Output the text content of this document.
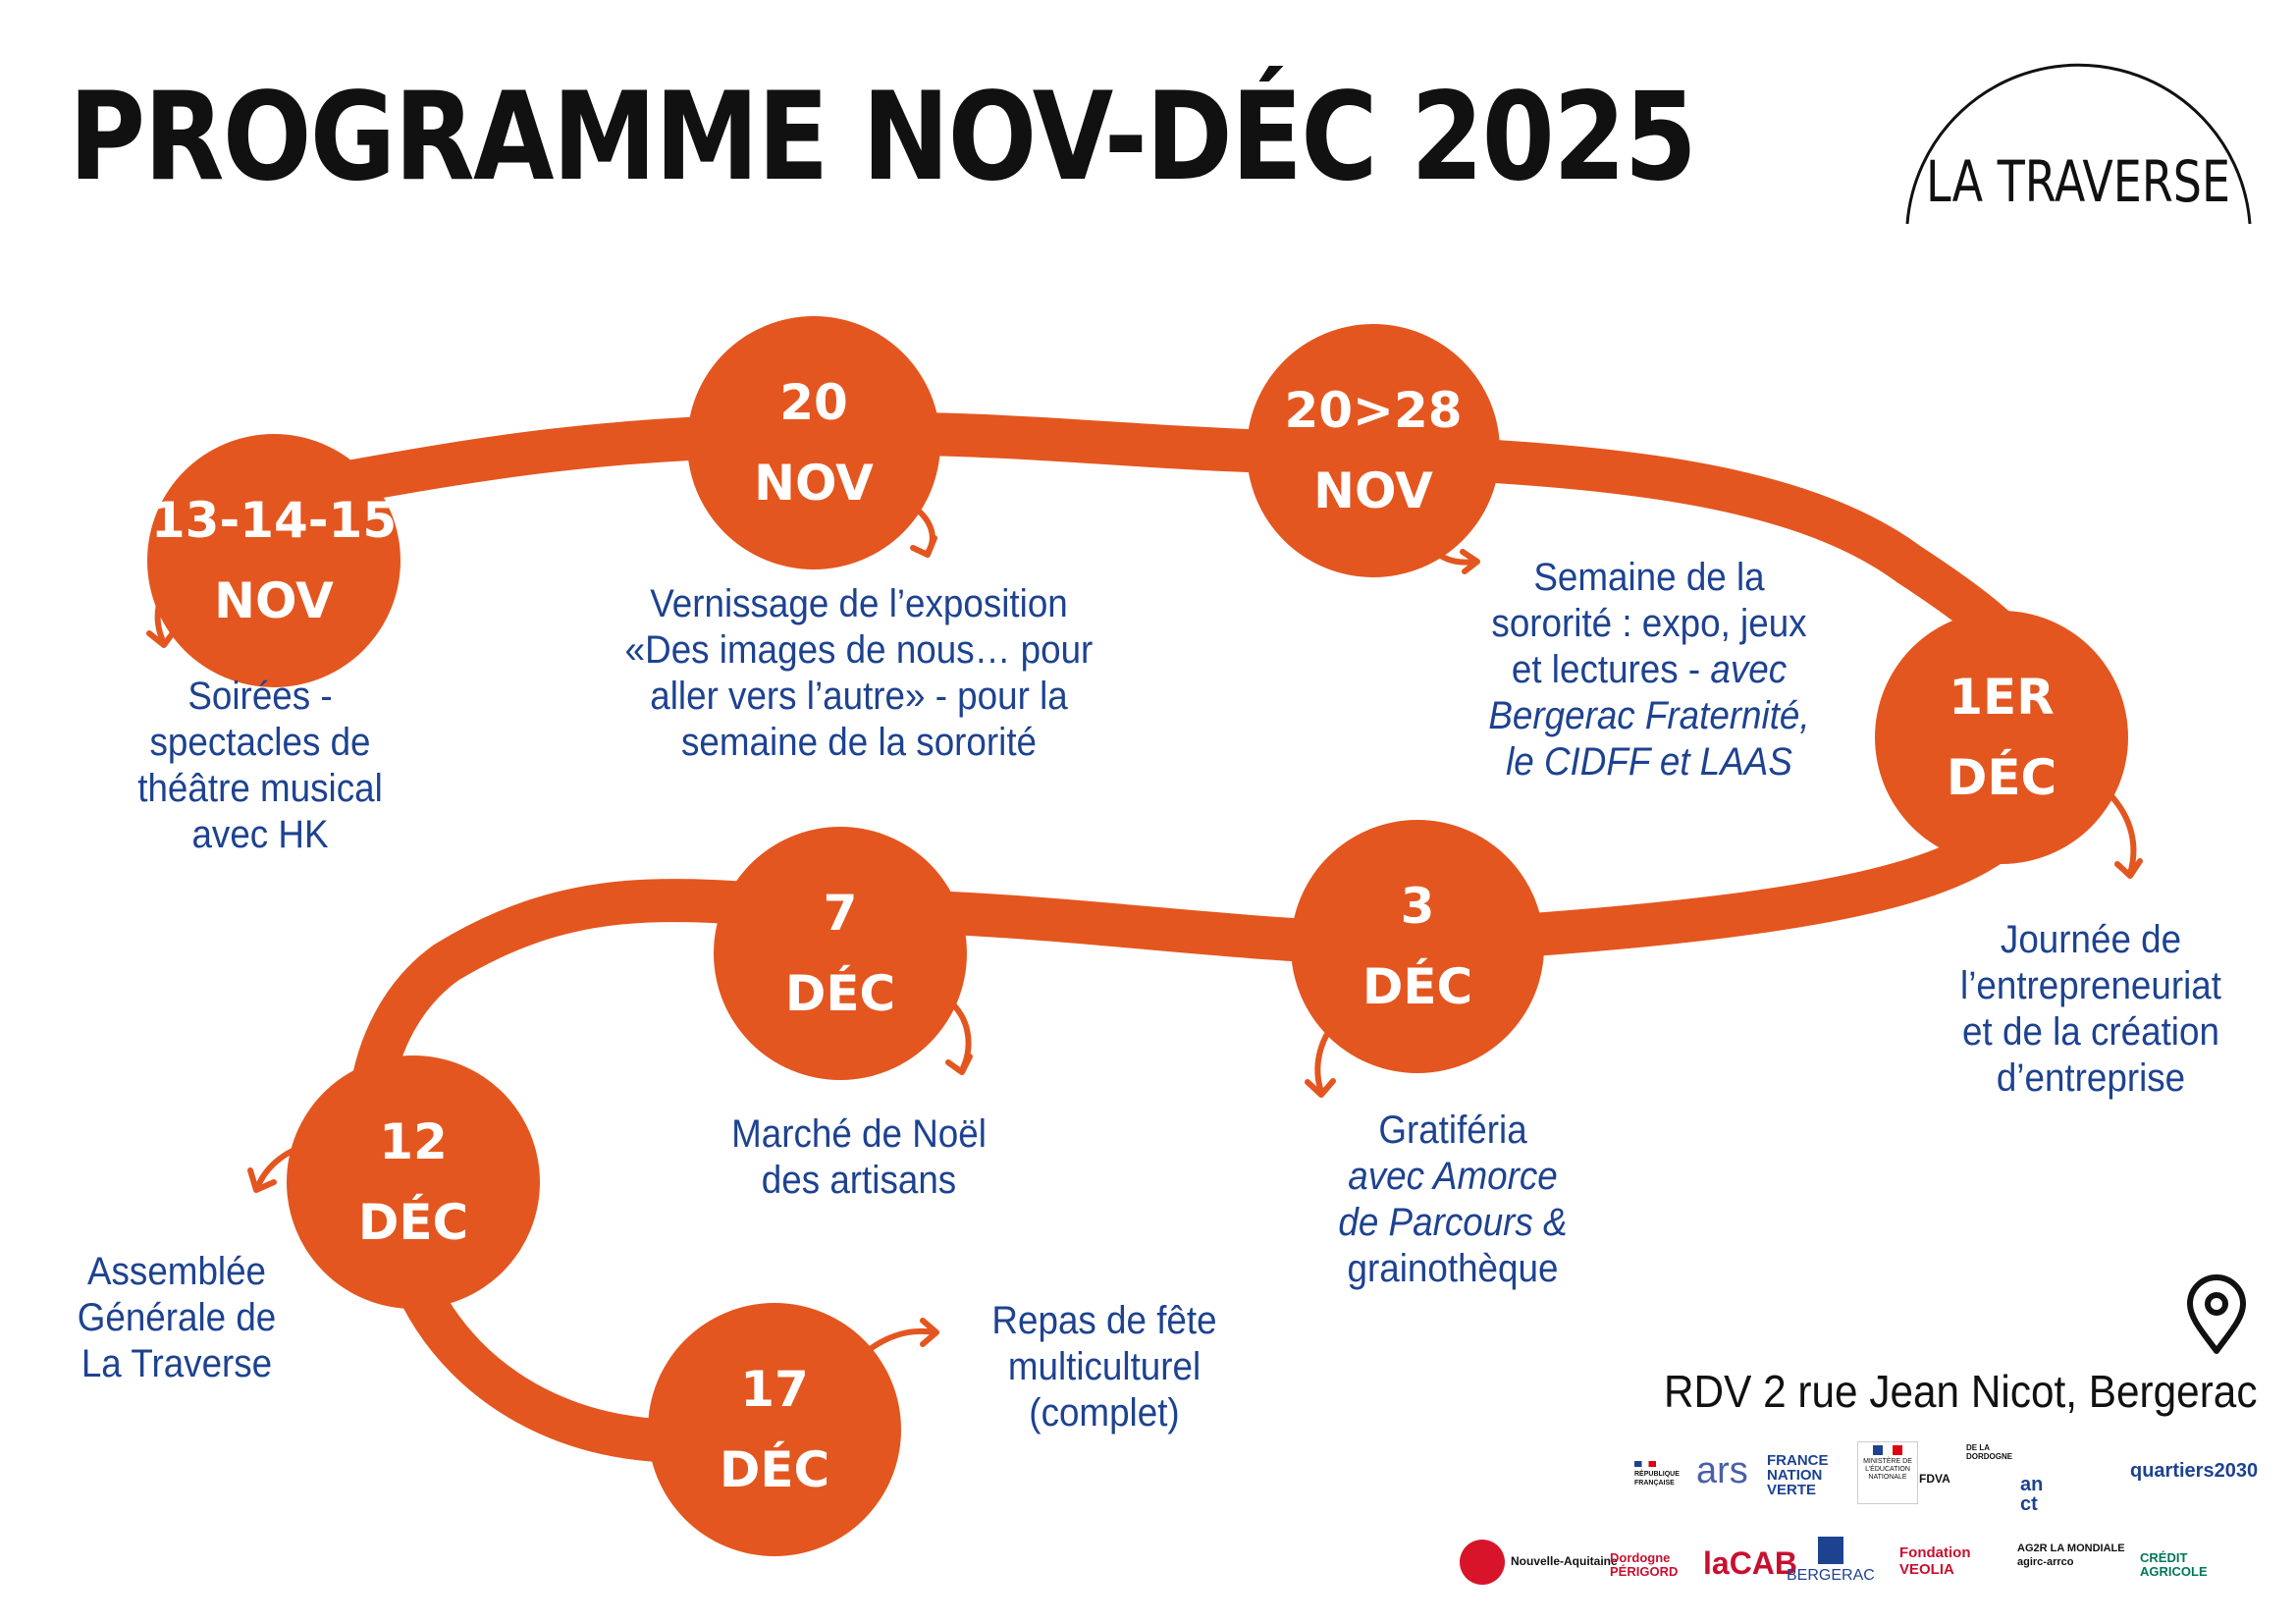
PROGRAMME NOV-DÉC 2025	LA TRAVERSE
13-14-15
NOV
20
NOV
20>28
NOV
1ER
DÉC
3
DÉC
7
DÉC
12
DÉC
17
DÉC
Soirées -
spectacles de
théâtre musical
avec HK
Vernissage de l’exposition
«Des images de nous… pour
aller vers l’autre» - pour la
semaine de la sororité
Semaine de la
sororité : expo, jeux
et lectures - avec
Bergerac Fraternité,
le CIDFF et LAAS
Journée de
l’entrepreneuriat
et de la création
d’entreprise
Gratiféria
avec Amorce
de Parcours &
grainothèque
Marché de Noël
des artisans
Assemblée
Générale de
La Traverse
Repas de fête
multiculturel
(complet)	RDV 2 rue Jean Nicot, Bergerac
RÉPUBLIQUE FRANÇAISE ars FRANCE NATION VERTE
MINISTÈRE DE L’ÉDUCATION NATIONALE	FDVA
DE LA DORDOGNE
an ct
quartiers2030
Nouvelle-Aquitaine
Dordogne PÉRIGORD laCAB
BERGERAC
Fondation VEOLIA
AG2R LA MONDIALE agirc-arrco	CRÉDIT AGRICOLE
